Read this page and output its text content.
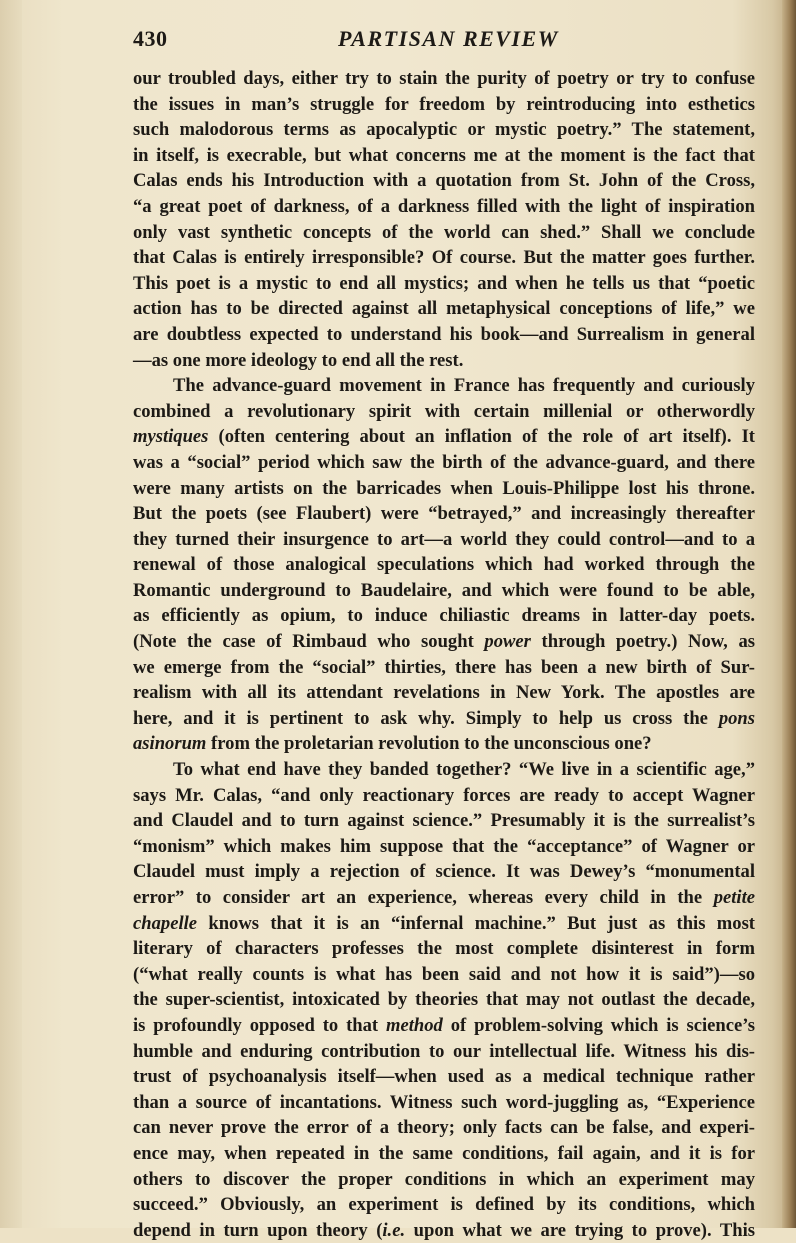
430	PARTISAN REVIEW
our troubled days, either try to stain the purity of poetry or try to confuse
the issues in man’s struggle for freedom by reintroducing into esthetics
such malodorous terms as apocalyptic or mystic poetry.” The statement,
in itself, is execrable, but what concerns me at the moment is the fact that
Calas ends his Introduction with a quotation from St. John of the Cross,
“a great poet of darkness, of a darkness filled with the light of inspiration
only vast synthetic concepts of the world can shed.” Shall we conclude
that Calas is entirely irresponsible? Of course. But the matter goes further.
This poet is a mystic to end all mystics; and when he tells us that “poetic
action has to be directed against all metaphysical conceptions of life,” we
are doubtless expected to understand his book—and Surrealism in general
—as one more ideology to end all the rest.
The advance-guard movement in France has frequently and curiously
combined a revolutionary spirit with certain millenial or otherwordly
mystiques (often centering about an inflation of the role of art itself). It
was a “social” period which saw the birth of the advance-guard, and there
were many artists on the barricades when Louis-Philippe lost his throne.
But the poets (see Flaubert) were “betrayed,” and increasingly thereafter
they turned their insurgence to art—a world they could control—and to a
renewal of those analogical speculations which had worked through the
Romantic underground to Baudelaire, and which were found to be able,
as efficiently as opium, to induce chiliastic dreams in latter-day poets.
(Note the case of Rimbaud who sought power through poetry.) Now, as
we emerge from the “social” thirties, there has been a new birth of Sur-
realism with all its attendant revelations in New York. The apostles are
here, and it is pertinent to ask why. Simply to help us cross the pons
asinorum from the proletarian revolution to the unconscious one?
To what end have they banded together? “We live in a scientific age,”
says Mr. Calas, “and only reactionary forces are ready to accept Wagner
and Claudel and to turn against science.” Presumably it is the surrealist’s
“monism” which makes him suppose that the “acceptance” of Wagner or
Claudel must imply a rejection of science. It was Dewey’s “monumental
error” to consider art an experience, whereas every child in the petite
chapelle knows that it is an “infernal machine.” But just as this most
literary of characters professes the most complete disinterest in form
(“what really counts is what has been said and not how it is said”)—so
the super-scientist, intoxicated by theories that may not outlast the decade,
is profoundly opposed to that method of problem-solving which is science’s
humble and enduring contribution to our intellectual life. Witness his dis-
trust of psychoanalysis itself—when used as a medical technique rather
than a source of incantations. Witness such word-juggling as, “Experience
can never prove the error of a theory; only facts can be false, and experi-
ence may, when repeated in the same conditions, fail again, and it is for
others to discover the proper conditions in which an experiment may
succeed.” Obviously, an experiment is defined by its conditions, which
depend in turn upon theory (i.e. upon what we are trying to prove). This
